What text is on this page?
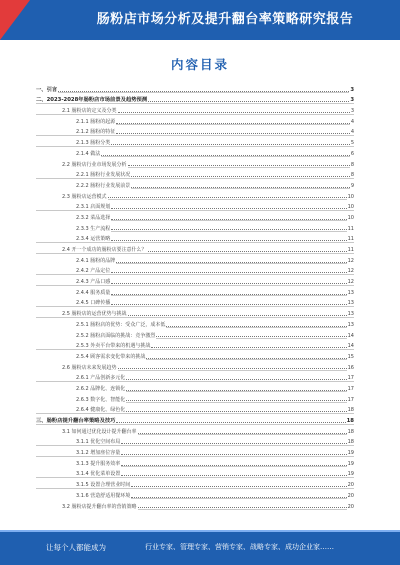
肠粉店市场分析及提升翻台率策略研究报告
内容目录
一、引言	3
二、2023-2028年肠粉店市场前景及趋势预测	3
2.1 肠粉店的定义及分类	3
2.1.1 肠粉的起源	4
2.1.2 肠粉的特征	4
2.1.3 肠粉分类	5
2.1.4 做法	6
2.2 肠粉店行业市场发展分析	8
2.2.1 肠粉行业发展状况	8
2.2.2 肠粉行业发展前景	9
2.3 肠粉店运营模式	10
2.3.1 店面规划	10
2.3.2 菜品选择	10
2.3.3 生产流程	11
2.3.4 运营策略	11
2.4 开一个成功的肠粉店要注意什么？	11
2.4.1 肠粉的品牌	12
2.4.2 产品定位	12
2.4.3 产品口感	12
2.4.4 服务质量	13
2.4.5 口碑传播	13
2.5 肠粉店的运营优势与挑战	13
2.5.1 肠粉店的优势：受众广泛，成本低	13
2.5.2 肠粉店面临的挑战：竞争激烈	14
2.5.3 外卖平台带来的机遇与挑战	14
2.5.4 顾客需求变化带来的挑战	15
2.6 肠粉店未来发展趋势	16
2.6.1 产品创新多元化	17
2.6.2 品牌化、连锁化	17
2.6.3 数字化、智能化	17
2.6.4 健康化、绿色化	18
三、肠粉店提升翻台率策略及技巧	18
3.1 如何通过优化设计提升翻台率	18
3.1.1 优化空间布局	18
3.1.2 增加座位容量	19
3.1.3 提升服务效率	19
3.1.4 优化菜单设置	19
3.1.5 设置合理营业时间	20
3.1.6 营造舒适用餐环境	20
3.2 肠粉店提升翻台率的营销策略	20
让每个人都能成为	行业专家、管理专家、营销专家、战略专家、成功企业家……
